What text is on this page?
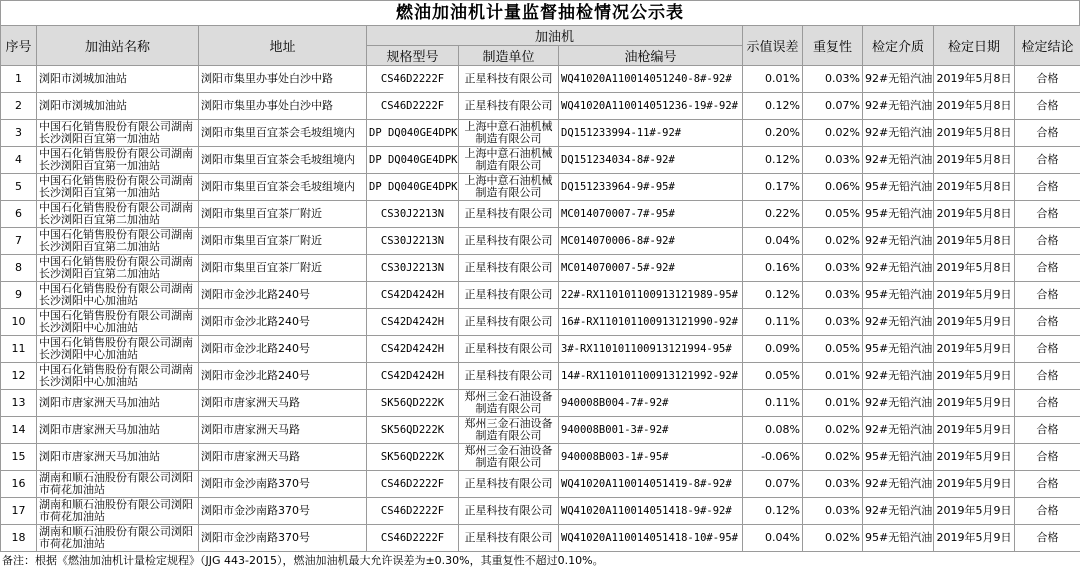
燃油加油机计量监督抽检情况公示表
序号	加油站名称	地址	加油机			示值误差	重复性	检定介质	检定日期	检定结论
			规格型号	制造单位	油枪编号					
1	浏阳市浏城加油站	浏阳市集里办事处白沙中路	CS46D2222F	正星科技有限公司	WQ41020A110014051240-8#-92#	0.01%	0.03%	92#无铅汽油	2019年5月8日	合格
2	浏阳市浏城加油站	浏阳市集里办事处白沙中路	CS46D2222F	正星科技有限公司	WQ41020A110014051236-19#-92#	0.12%	0.07%	92#无铅汽油	2019年5月8日	合格
3	中国石化销售股份有限公司湖南长沙浏阳百宜第一加油站	浏阳市集里百宜茶会毛坡组境内	DP DQ040GE4DPK	上海中意石油机械制造有限公司	DQ151233994-11#-92#	0.20%	0.02%	92#无铅汽油	2019年5月8日	合格
4	中国石化销售股份有限公司湖南长沙浏阳百宜第一加油站	浏阳市集里百宜茶会毛坡组境内	DP DQ040GE4DPK	上海中意石油机械制造有限公司	DQ151234034-8#-92#	0.12%	0.03%	92#无铅汽油	2019年5月8日	合格
5	中国石化销售股份有限公司湖南长沙浏阳百宜第一加油站	浏阳市集里百宜茶会毛坡组境内	DP DQ040GE4DPK	上海中意石油机械制造有限公司	DQ151233964-9#-95#	0.17%	0.06%	95#无铅汽油	2019年5月8日	合格
6	中国石化销售股份有限公司湖南长沙浏阳百宜第二加油站	浏阳市集里百宜茶厂附近	CS30J2213N	正星科技有限公司	MC014070007-7#-95#	0.22%	0.05%	95#无铅汽油	2019年5月8日	合格
7	中国石化销售股份有限公司湖南长沙浏阳百宜第二加油站	浏阳市集里百宜茶厂附近	CS30J2213N	正星科技有限公司	MC014070006-8#-92#	0.04%	0.02%	92#无铅汽油	2019年5月8日	合格
8	中国石化销售股份有限公司湖南长沙浏阳百宜第二加油站	浏阳市集里百宜茶厂附近	CS30J2213N	正星科技有限公司	MC014070007-5#-92#	0.16%	0.03%	92#无铅汽油	2019年5月8日	合格
9	中国石化销售股份有限公司湖南长沙浏阳中心加油站	浏阳市金沙北路240号	CS42D4242H	正星科技有限公司	22#-RX110101100913121989-95#	0.12%	0.03%	95#无铅汽油	2019年5月9日	合格
10	中国石化销售股份有限公司湖南长沙浏阳中心加油站	浏阳市金沙北路240号	CS42D4242H	正星科技有限公司	16#-RX110101100913121990-92#	0.11%	0.03%	92#无铅汽油	2019年5月9日	合格
11	中国石化销售股份有限公司湖南长沙浏阳中心加油站	浏阳市金沙北路240号	CS42D4242H	正星科技有限公司	3#-RX110101100913121994-95#	0.09%	0.05%	95#无铅汽油	2019年5月9日	合格
12	中国石化销售股份有限公司湖南长沙浏阳中心加油站	浏阳市金沙北路240号	CS42D4242H	正星科技有限公司	14#-RX110101100913121992-92#	0.05%	0.01%	92#无铅汽油	2019年5月9日	合格
13	浏阳市唐家洲天马加油站	浏阳市唐家洲天马路	SK56QD222K	郑州三金石油设备制造有限公司	940008B004-7#-92#	0.11%	0.01%	92#无铅汽油	2019年5月9日	合格
14	浏阳市唐家洲天马加油站	浏阳市唐家洲天马路	SK56QD222K	郑州三金石油设备制造有限公司	940008B001-3#-92#	0.08%	0.02%	92#无铅汽油	2019年5月9日	合格
15	浏阳市唐家洲天马加油站	浏阳市唐家洲天马路	SK56QD222K	郑州三金石油设备制造有限公司	940008B003-1#-95#	-0.06%	0.02%	95#无铅汽油	2019年5月9日	合格
16	湖南和顺石油股份有限公司浏阳市荷花加油站	浏阳市金沙南路370号	CS46D2222F	正星科技有限公司	WQ41020A110014051419-8#-92#	0.07%	0.03%	92#无铅汽油	2019年5月9日	合格
17	湖南和顺石油股份有限公司浏阳市荷花加油站	浏阳市金沙南路370号	CS46D2222F	正星科技有限公司	WQ41020A110014051418-9#-92#	0.12%	0.03%	92#无铅汽油	2019年5月9日	合格
18	湖南和顺石油股份有限公司浏阳市荷花加油站	浏阳市金沙南路370号	CS46D2222F	正星科技有限公司	WQ41020A110014051418-10#-95#	0.04%	0.02%	95#无铅汽油	2019年5月9日	合格
备注：根据《燃油加油机计量检定规程》（JJG 443-2015），燃油加油机最大允许误差为±0.30%，其重复性不超过0.10%。
